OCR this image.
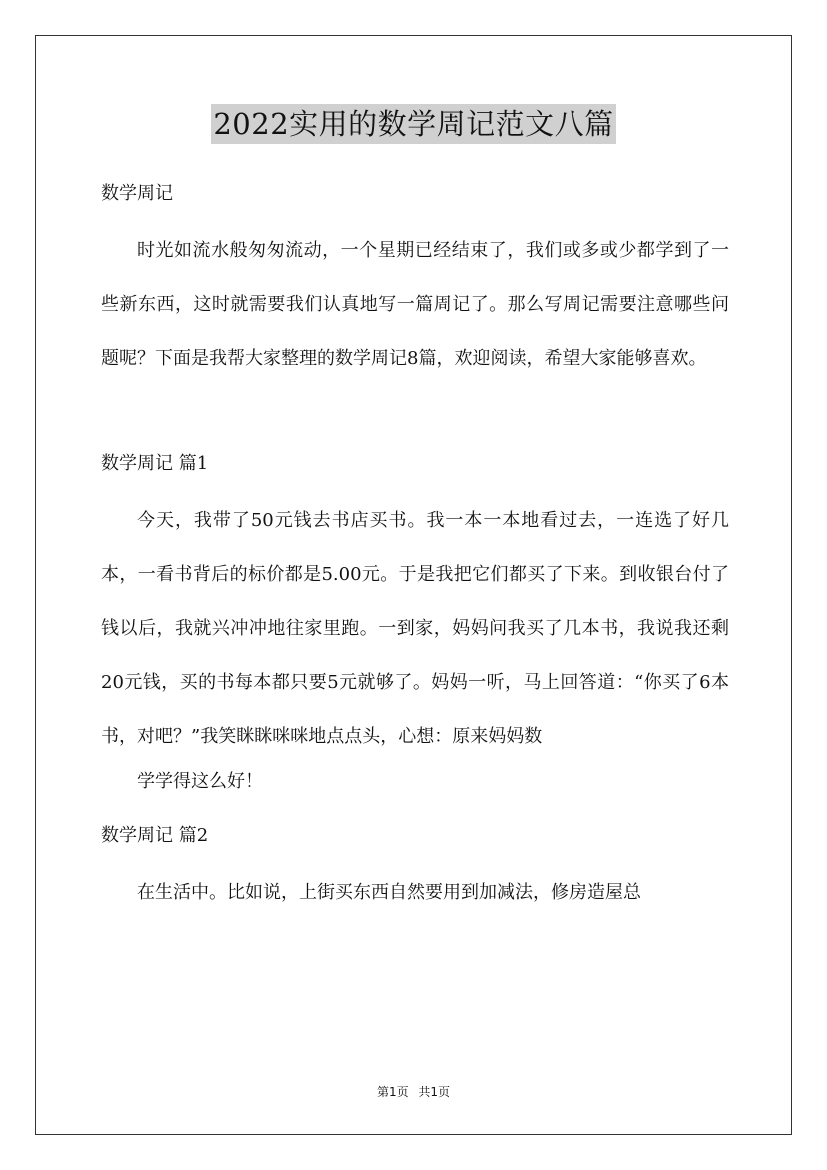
2022实用的数学周记范文八篇

数学周记

时光如流水般匆匆流动，一个星期已经结束了，我们或多或少都学到了一些新东西，这时就需要我们认真地写一篇周记了。那么写周记需要注意哪些问题呢？下面是我帮大家整理的数学周记8篇，欢迎阅读，希望大家能够喜欢。

数学周记 篇1

今天，我带了50元钱去书店买书。我一本一本地看过去，一连选了好几本，一看书背后的标价都是5.00元。于是我把它们都买了下来。到收银台付了钱以后，我就兴冲冲地往家里跑。一到家，妈妈问我买了几本书，我说我还剩20元钱，买的书每本都只要5元就够了。妈妈一听，马上回答道：“你买了6本书，对吧？”我笑眯眯咪咪地点点头，心想：原来妈妈数

学学得这么好！

数学周记 篇2

在生活中。比如说，上街买东西自然要用到加减法，修房造屋总

第1页 共1页
